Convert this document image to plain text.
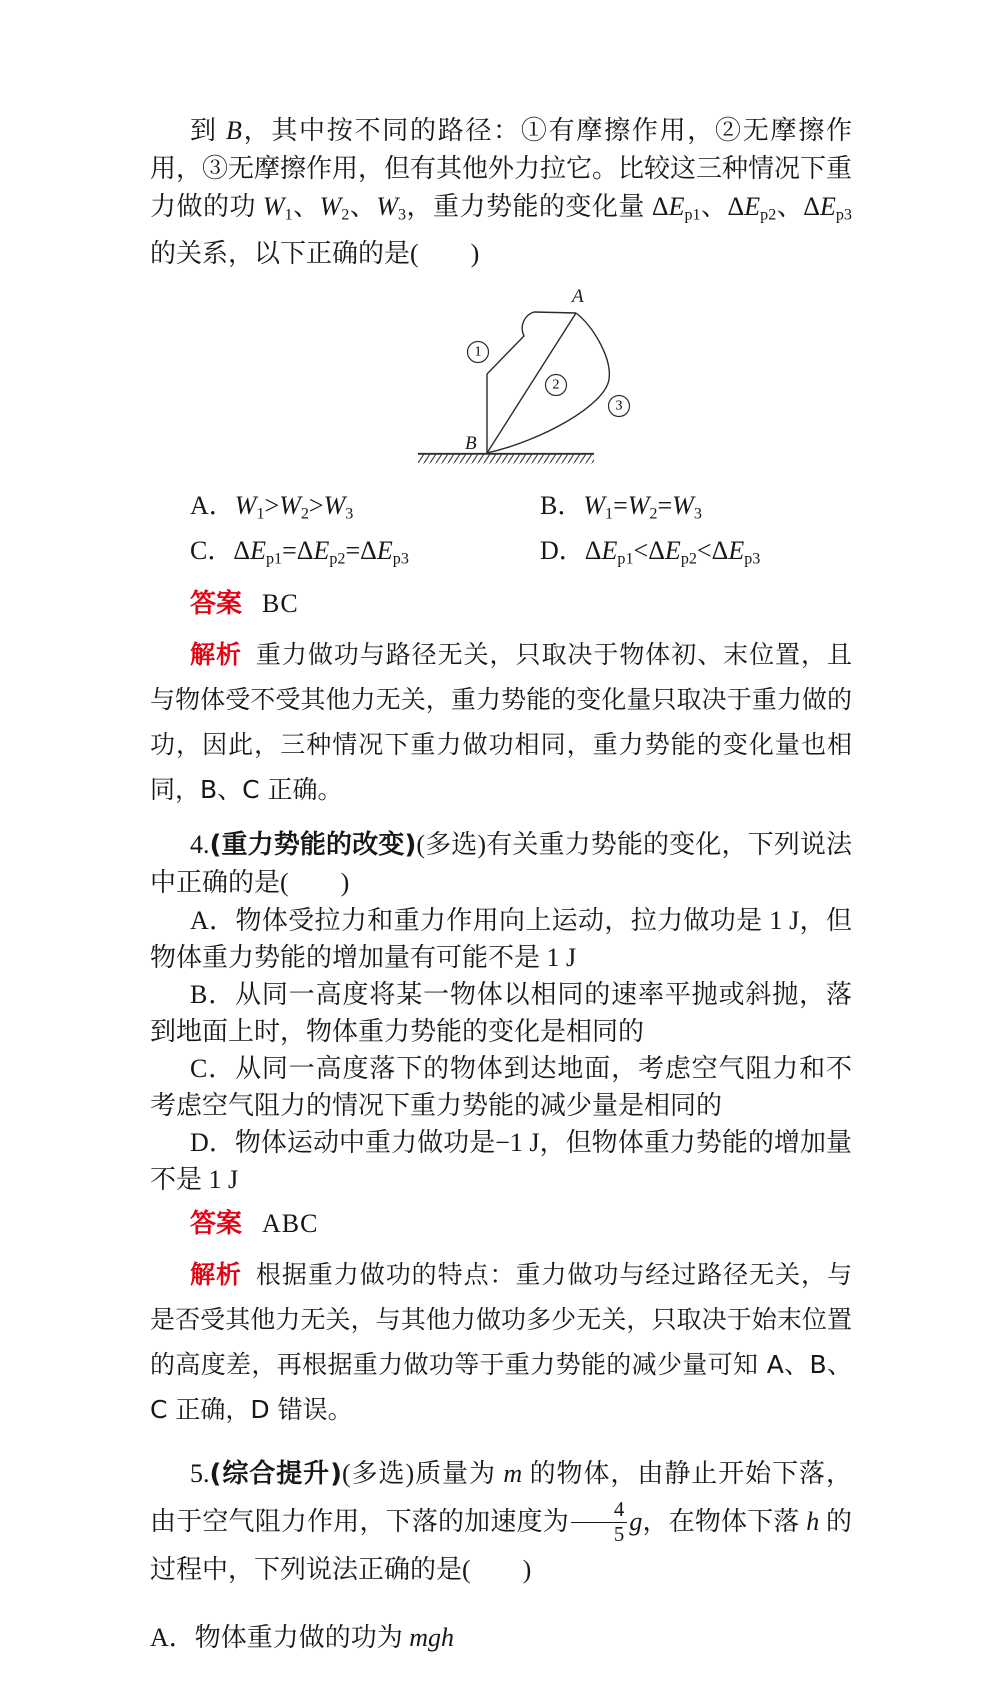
到 B，其中按不同的路径：①有摩擦作用，②无摩擦作用，③无摩擦作用，但有其他外力拉它。比较这三种情况下重力做的功 $W_1$、$W_2$、$W_3$，重力势能的变化量 $\Delta E_{p1}$、$\Delta E_{p2}$、$\Delta E_{p3}$ 的关系，以下正确的是(　　)

A
B
1
2
3

A．$W_1>W_2>W_3$	B．$W_1=W_2=W_3$

C．$\Delta E_{p1}=\Delta E_{p2}=\Delta E_{p3}$	D．$\Delta E_{p1}<\Delta E_{p2}<\Delta E_{p3}$

答案 BC

解析 重力做功与路径无关，只取决于物体初、末位置，且与物体受不受其他力无关，重力势能的变化量只取决于重力做的功，因此，三种情况下重力做功相同，重力势能的变化量也相同，B、C 正确。

4.(重力势能的改变)(多选)有关重力势能的变化，下列说法中正确的是(　　)

A．物体受拉力和重力作用向上运动，拉力做功是 1 J，但物体重力势能的增加量有可能不是 1 J

B．从同一高度将某一物体以相同的速率平抛或斜抛，落到地面上时，物体重力势能的变化是相同的

C．从同一高度落下的物体到达地面，考虑空气阻力和不考虑空气阻力的情况下重力势能的减少量是相同的

D．物体运动中重力做功是−1 J，但物体重力势能的增加量不是 1 J

答案 ABC

解析 根据重力做功的特点：重力做功与经过路径无关，与是否受其他力无关，与其他力做功多少无关，只取决于始末位置的高度差，再根据重力做功等于重力势能的减少量可知 A、B、C 正确，D 错误。

5.(综合提升)(多选)质量为 m 的物体，由静止开始下落，由于空气阻力作用，下落的加速度为 $\frac{4}{5}$ g，在物体下落 h 的过程中，下列说法正确的是(　　)

A．物体重力做的功为 mgh
